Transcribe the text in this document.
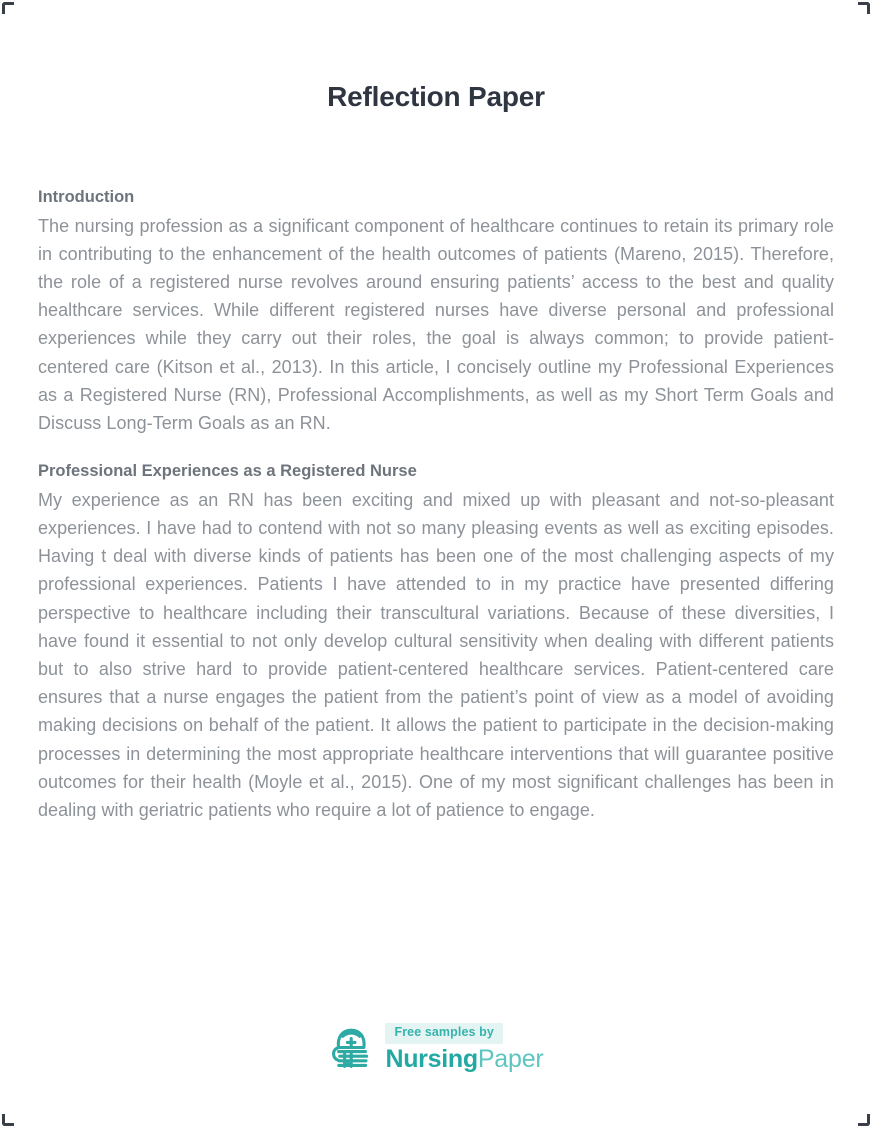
Reflection Paper
Introduction

The nursing profession as a significant component of healthcare continues to retain its primary role in contributing to the enhancement of the health outcomes of patients (Mareno, 2015). Therefore, the role of a registered nurse revolves around ensuring patients’ access to the best and quality healthcare services. While different registered nurses have diverse personal and professional experiences while they carry out their roles, the goal is always common; to provide patient-centered care (Kitson et al., 2013). In this article, I concisely outline my Professional Experiences as a Registered Nurse (RN), Professional Accomplishments, as well as my Short Term Goals and Discuss Long-Term Goals as an RN.

Professional Experiences as a Registered Nurse

My experience as an RN has been exciting and mixed up with pleasant and not-so-pleasant experiences. I have had to contend with not so many pleasing events as well as exciting episodes. Having t deal with diverse kinds of patients has been one of the most challenging aspects of my professional experiences. Patients I have attended to in my practice have presented differing perspective to healthcare including their transcultural variations. Because of these diversities, I have found it essential to not only develop cultural sensitivity when dealing with different patients but to also strive hard to provide patient-centered healthcare services. Patient-centered care ensures that a nurse engages the patient from the patient’s point of view as a model of avoiding making decisions on behalf of the patient. It allows the patient to participate in the decision-making processes in determining the most appropriate healthcare interventions that will guarantee positive outcomes for their health (Moyle et al., 2015). One of my most significant challenges has been in dealing with geriatric patients who require a lot of patience to engage.

Free samples by
NursingPaper
